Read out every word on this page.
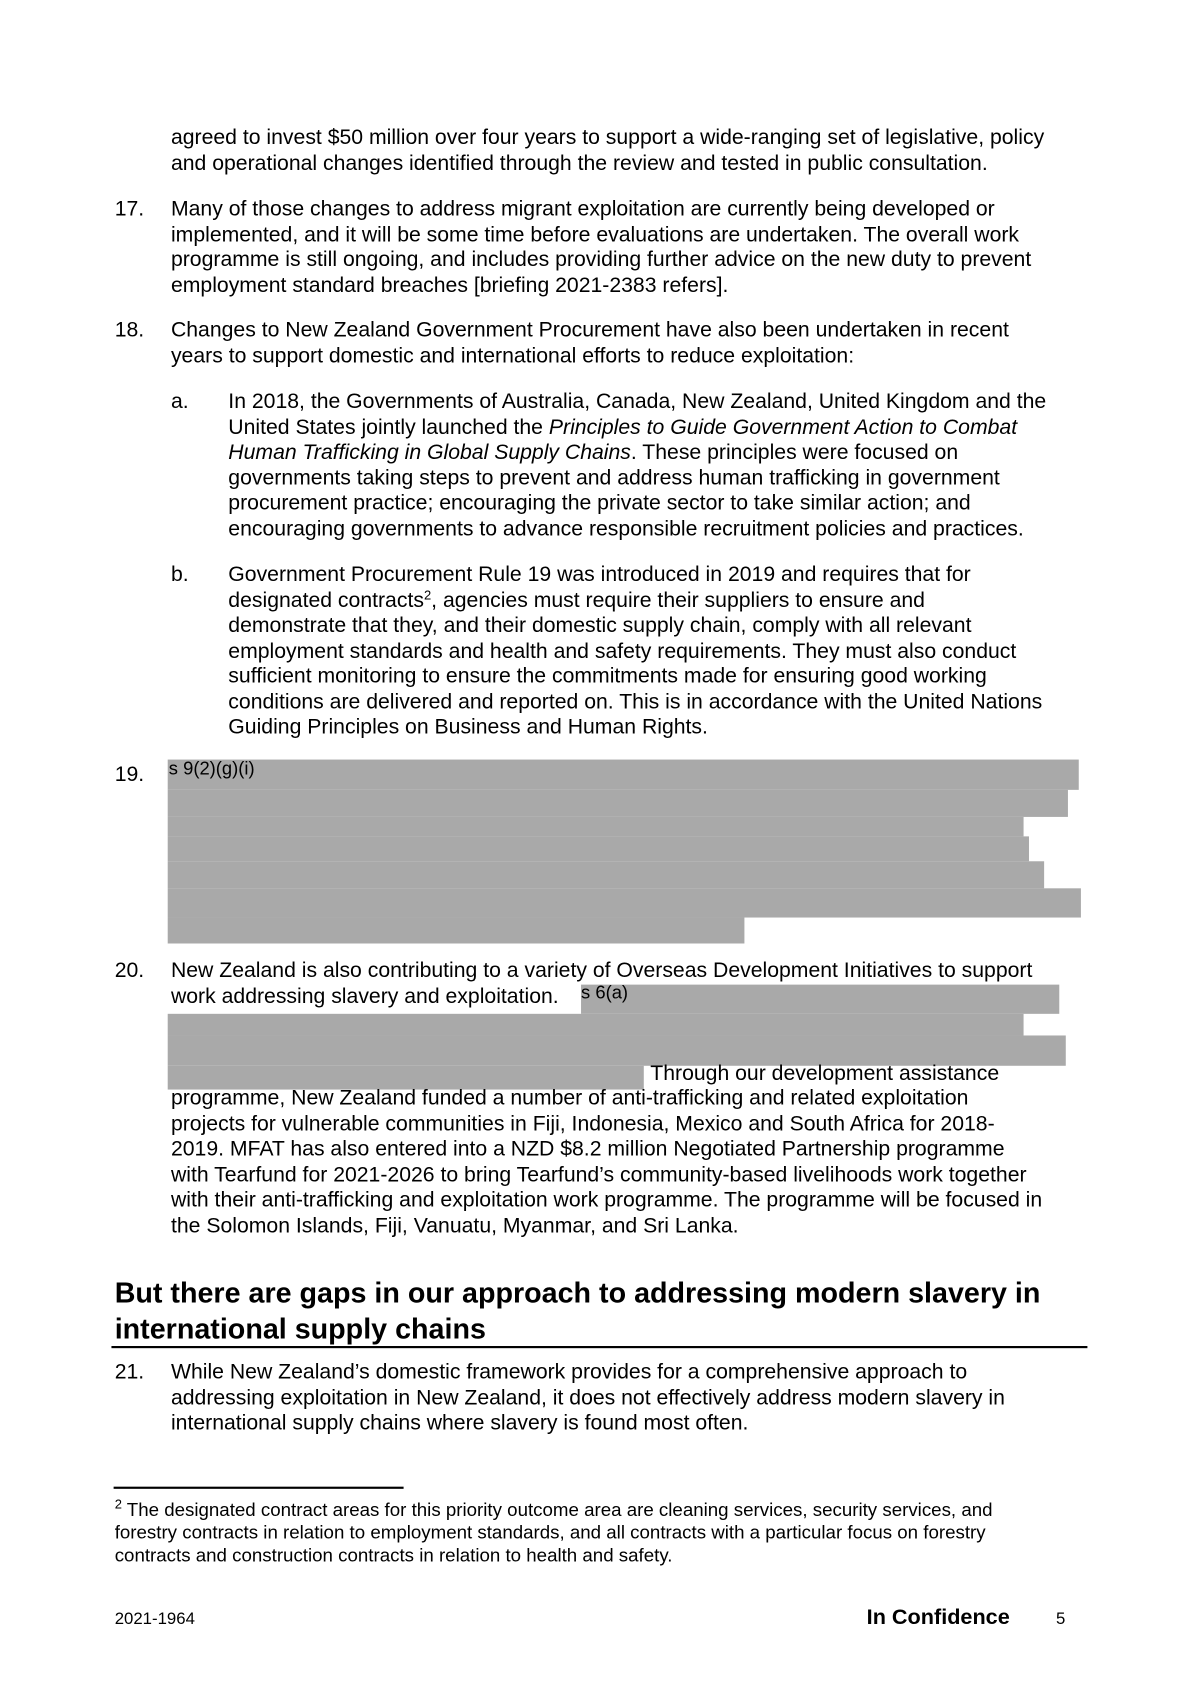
agreed to invest $50 million over four years to support a wide-ranging set of legislative, policy
and operational changes identified through the review and tested in public consultation.
17. Many of those changes to address migrant exploitation are currently being developed or
implemented, and it will be some time before evaluations are undertaken. The overall work
programme is still ongoing, and includes providing further advice on the new duty to prevent
employment standard breaches [briefing 2021-2383 refers].
18. Changes to New Zealand Government Procurement have also been undertaken in recent
years to support domestic and international efforts to reduce exploitation:
a. In 2018, the Governments of Australia, Canada, New Zealand, United Kingdom and the
United States jointly launched the Principles to Guide Government Action to Combat
Human Trafficking in Global Supply Chains. These principles were focused on
governments taking steps to prevent and address human trafficking in government
procurement practice; encouraging the private sector to take similar action; and
encouraging governments to advance responsible recruitment policies and practices.
b. Government Procurement Rule 19 was introduced in 2019 and requires that for
designated contracts$^2$, agencies must require their suppliers to ensure and
demonstrate that they, and their domestic supply chain, comply with all relevant
employment standards and health and safety requirements. They must also conduct
sufficient monitoring to ensure the commitments made for ensuring good working
conditions are delivered and reported on. This is in accordance with the United Nations
Guiding Principles on Business and Human Rights.
19. s 9(2)(g)(i)
20. New Zealand is also contributing to a variety of Overseas Development Initiatives to support
work addressing slavery and exploitation.	s 6(a)
Through our development assistance
programme, New Zealand funded a number of anti-trafficking and related exploitation
projects for vulnerable communities in Fiji, Indonesia, Mexico and South Africa for 2018-
2019. MFAT has also entered into a NZD $8.2 million Negotiated Partnership programme
with Tearfund for 2021-2026 to bring Tearfund’s community-based livelihoods work together
with their anti-trafficking and exploitation work programme. The programme will be focused in
the Solomon Islands, Fiji, Vanuatu, Myanmar, and Sri Lanka.
But there are gaps in our approach to addressing modern slavery in
international supply chains
21. While New Zealand’s domestic framework provides for a comprehensive approach to
addressing exploitation in New Zealand, it does not effectively address modern slavery in
international supply chains where slavery is found most often.
$^2$ The designated contract areas for this priority outcome area are cleaning services, security services, and
forestry contracts in relation to employment standards, and all contracts with a particular focus on forestry
contracts and construction contracts in relation to health and safety.
2021-1964	In Confidence	5
